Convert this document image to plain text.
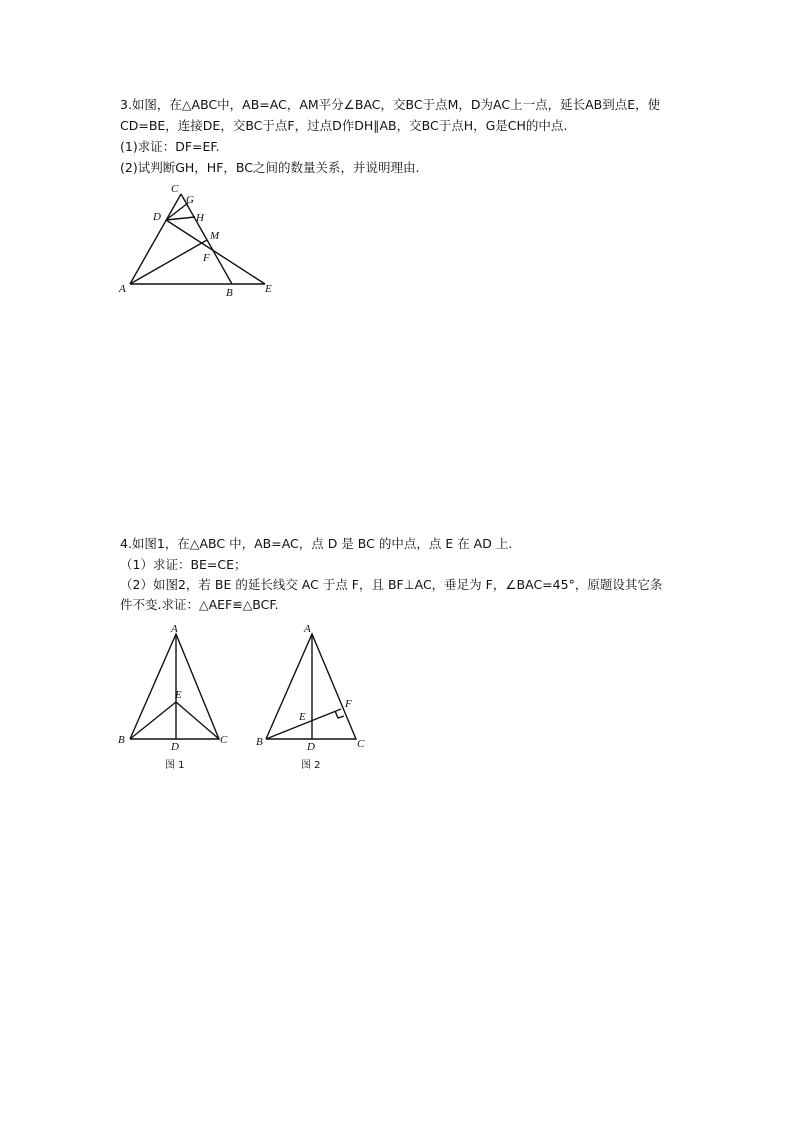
3.如图，在△ABC中，AB=AC，AM平分∠BAC，交BC于点M，D为AC上一点，延长AB到点E，使
CD=BE，连接DE，交BC于点F，过点D作DH∥AB，交BC于点H，G是CH的中点.
(1)求证：DF=EF.
(2)试判断GH，HF，BC之间的数量关系，并说明理由.
C
G
D	H
M
F
A	B	E
4.如图1，在△ABC 中，AB=AC，点 D 是 BC 的中点，点 E 在 AD 上.
（1）求证：BE=CE；
（2）如图2，若 BE 的延长线交 AC 于点 F，且 BF⊥AC，垂足为 F，∠BAC=45°，原题设其它条
件不变.求证：△AEF≌△BCF.
A
E
B
D
C
图 1
A
F
E
B	D	C
图 2
